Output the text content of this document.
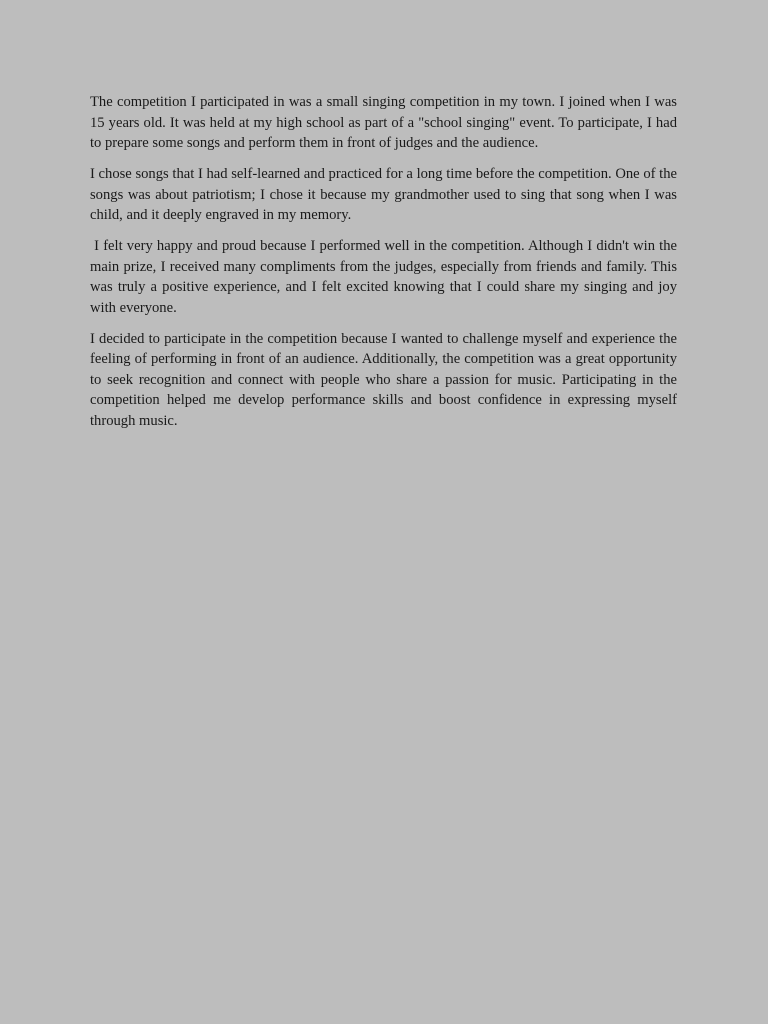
The competition I participated in was a small singing competition in my town. I joined when I was 15 years old. It was held at my high school as part of a "school singing" event. To participate, I had to prepare some songs and perform them in front of judges and the audience.

I chose songs that I had self-learned and practiced for a long time before the competition. One of the songs was about patriotism; I chose it because my grandmother used to sing that song when I was child, and it deeply engraved in my memory.

I felt very happy and proud because I performed well in the competition. Although I didn't win the main prize, I received many compliments from the judges, especially from friends and family. This was truly a positive experience, and I felt excited knowing that I could share my singing and joy with everyone.

I decided to participate in the competition because I wanted to challenge myself and experience the feeling of performing in front of an audience. Additionally, the competition was a great opportunity to seek recognition and connect with people who share a passion for music. Participating in the competition helped me develop performance skills and boost confidence in expressing myself through music.
